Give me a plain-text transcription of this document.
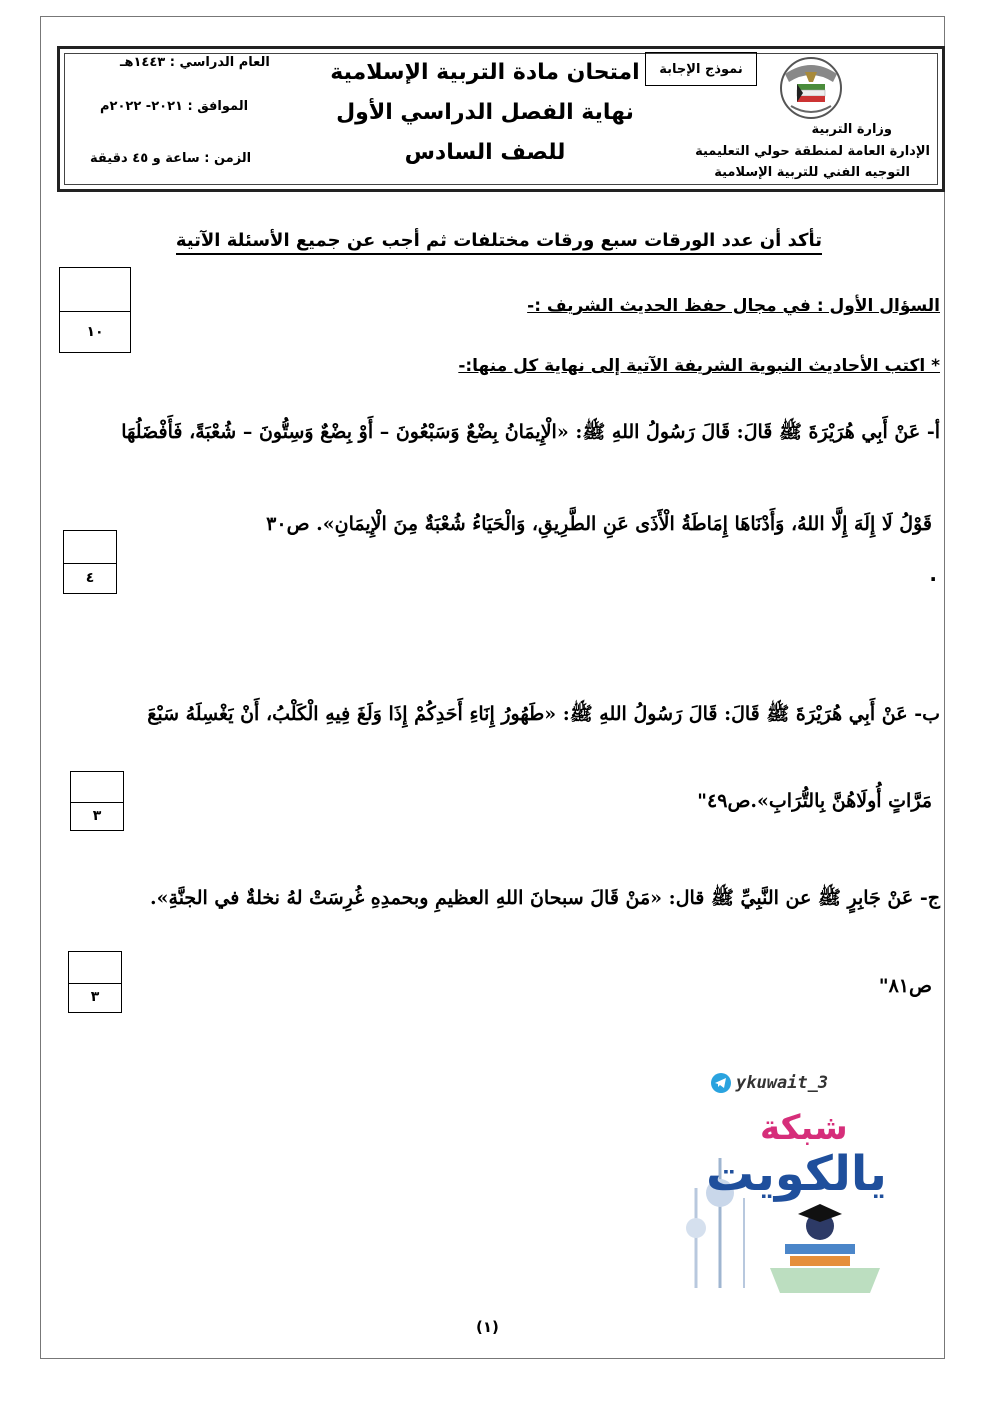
العام الدراسي : ١٤٤٣هـ
الموافق : ٢٠٢١- ٢٠٢٢م
الزمن : ساعة و ٤٥ دقيقة
امتحان مادة التربية الإسلامية
نهاية الفصل الدراسي الأول
للصف السادس
نموذج الإجابة
وزارة التربية
الإدارة العامة لمنطقة حولي التعليمية
التوجيه الفني للتربية الإسلامية
تأكد أن عدد الورقات سبع ورقات مختلفات ثم أجب عن جميع الأسئلة الآتية
١٠
السؤال الأول : في مجال حفظ الحديث الشريف :-
* اكتب الأحاديث النبوية الشريفة الآتية إلى نهاية كل منها:-
أ- عَنْ أَبِي هُرَيْرَةَ ﷺ قَالَ: قَالَ رَسُولُ اللهِ ﷺ: «الْإِيمَانُ بِضْعٌ وَسَبْعُونَ – أَوْ بِضْعٌ وَسِتُّونَ – شُعْبَةً، فَأَفْضَلُهَا
قَوْلُ لَا إِلَهَ إِلَّا اللهُ، وَأَدْنَاهَا إِمَاطَةُ الْأَذَى عَنِ الطَّرِيقِ، وَالْحَيَاءُ شُعْبَةٌ مِنَ الْإِيمَانِ». ص٣٠
.
٤
ب- عَنْ أَبِي هُرَيْرَةَ ﷺ قَالَ: قَالَ رَسُولُ اللهِ ﷺ: «طَهُورُ إِنَاءِ أَحَدِكُمْ إِذَا وَلَغَ فِيهِ الْكَلْبُ، أَنْ يَغْسِلَهُ سَبْعَ
مَرَّاتٍ أُولَاهُنَّ بِالتُّرَابِ».ص٤٩"
٣
ج- عَنْ جَابِرٍ ﷺ عن النَّبِيِّ ﷺ قال: «مَنْ قَالَ سبحانَ اللهِ العظيمِ وبحمدِهِ غُرِسَتْ لهُ نخلةٌ في الجنَّةِ».
ص٨١"
٣
ykuwait_3
شبكة
يالكويت
(١)
